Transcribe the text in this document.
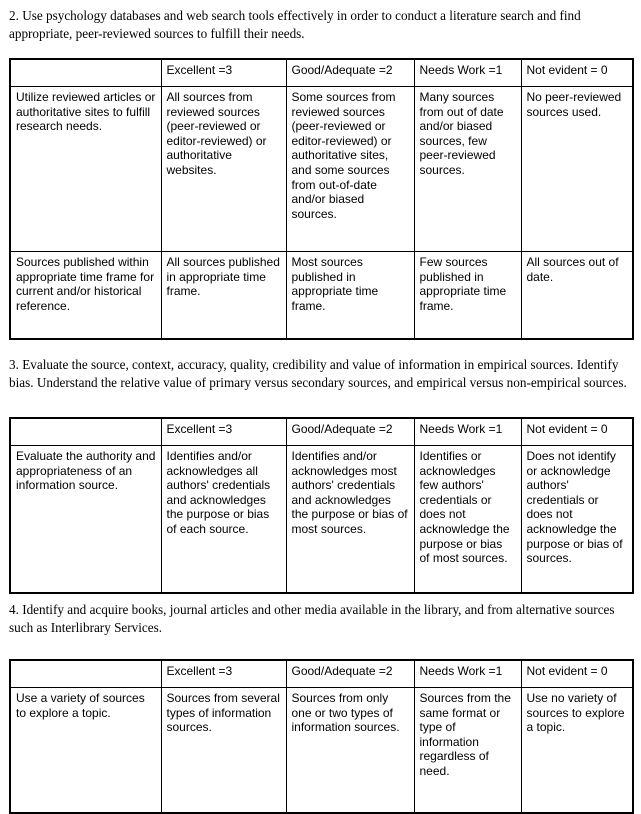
2. Use psychology databases and web search tools effectively in order to conduct a literature search and find appropriate, peer-reviewed sources to fulfill their needs.

	Excellent =3	Good/Adequate =2	Needs Work =1	Not evident = 0
Utilize reviewed articles or authoritative sites to fulfill research needs.	All sources from reviewed sources (peer-reviewed or editor-reviewed) or authoritative websites.	Some sources from reviewed sources (peer-reviewed or editor-reviewed) or authoritative sites, and some sources from out-of-date and/or biased sources.	Many sources from out of date and/or biased sources, few peer-reviewed sources.	No peer-reviewed sources used.
Sources published within appropriate time frame for current and/or historical reference.	All sources published in appropriate time frame.	Most sources published in appropriate time frame.	Few sources published in appropriate time frame.	All sources out of date.

3. Evaluate the source, context, accuracy, quality, credibility and value of information in empirical sources. Identify bias. Understand the relative value of primary versus secondary sources, and empirical versus non-empirical sources.

	Excellent =3	Good/Adequate =2	Needs Work =1	Not evident = 0
Evaluate the authority and appropriateness of an information source.	Identifies and/or acknowledges all authors' credentials and acknowledges the purpose or bias of each source.	Identifies and/or acknowledges most authors' credentials and acknowledges the purpose or bias of most sources.	Identifies or acknowledges few authors' credentials or does not acknowledge the purpose or bias of most sources.	Does not identify or acknowledge authors' credentials or does not acknowledge the purpose or bias of sources.

4. Identify and acquire books, journal articles and other media available in the library, and from alternative sources such as Interlibrary Services.

	Excellent =3	Good/Adequate =2	Needs Work =1	Not evident = 0
Use a variety of sources to explore a topic.	Sources from several types of information sources.	Sources from only one or two types of information sources.	Sources from the same format or type of information regardless of need.	Use no variety of sources to explore a topic.
